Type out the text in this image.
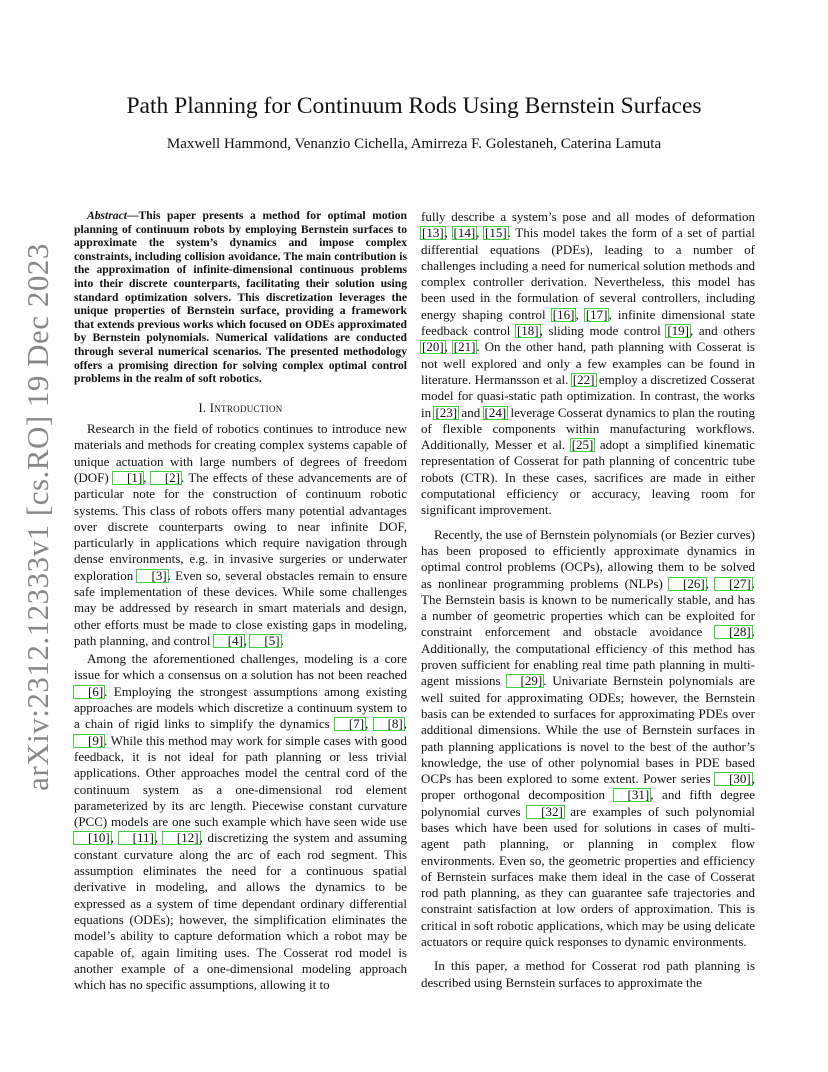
arXiv:2312.12333v1 [cs.RO] 19 Dec 2023
Path Planning for Continuum Rods Using Bernstein Surfaces
Maxwell Hammond, Venanzio Cichella, Amirreza F. Golestaneh, Caterina Lamuta

Abstract—This paper presents a method for optimal motion planning of continuum robots by employing Bernstein surfaces to approximate the system’s dynamics and impose complex constraints, including collision avoidance. The main contribution is the approximation of infinite-dimensional continuous problems into their discrete counterparts, facilitating their solution using standard optimization solvers. This discretization leverages the unique properties of Bernstein surface, providing a framework that extends previous works which focused on ODEs approximated by Bernstein polynomials. Numerical validations are conducted through several numerical scenarios. The presented methodology offers a promising direction for solving complex optimal control problems in the realm of soft robotics.

I. Introduction

Research in the field of robotics continues to introduce new materials and methods for creating complex systems capable of unique actuation with large numbers of degrees of freedom (DOF) [1], [2]. The effects of these advancements are of particular note for the construction of continuum robotic systems. This class of robots offers many potential advantages over discrete counterparts owing to near infinite DOF, particularly in applications which require navigation through dense environments, e.g. in invasive surgeries or underwater exploration [3]. Even so, several obstacles remain to ensure safe implementation of these devices. While some challenges may be addressed by research in smart materials and design, other efforts must be made to close existing gaps in modeling, path planning, and control [4], [5].

Among the aforementioned challenges, modeling is a core issue for which a consensus on a solution has not been reached [6]. Employing the strongest assumptions among existing approaches are models which discretize a continuum system to a chain of rigid links to simplify the dynamics [7], [8], [9]. While this method may work for simple cases with good feedback, it is not ideal for path planning or less trivial applications. Other approaches model the central cord of the continuum system as a one-dimensional rod element parameterized by its arc length. Piecewise constant curvature (PCC) models are one such example which have seen wide use [10], [11], [12], discretizing the system and assuming constant curvature along the arc of each rod segment. This assumption eliminates the need for a continuous spatial derivative in modeling, and allows the dynamics to be expressed as a system of time dependant ordinary differential equations (ODEs); however, the simplification eliminates the model’s ability to capture deformation which a robot may be capable of, again limiting uses. The Cosserat rod model is another example of a one-dimensional modeling approach which has no specific assumptions, allowing it to

fully describe a system’s pose and all modes of deformation [13], [14], [15]. This model takes the form of a set of partial differential equations (PDEs), leading to a number of challenges including a need for numerical solution methods and complex controller derivation. Nevertheless, this model has been used in the formulation of several controllers, including energy shaping control [16], [17], infinite dimensional state feedback control [18], sliding mode control [19], and others [20], [21]. On the other hand, path planning with Cosserat is not well explored and only a few examples can be found in literature. Hermansson et al. [22] employ a discretized Cosserat model for quasi-static path optimization. In contrast, the works in [23] and [24] leverage Cosserat dynamics to plan the routing of flexible components within manufacturing workflows. Additionally, Messer et al. [25] adopt a simplified kinematic representation of Cosserat for path planning of concentric tube robots (CTR). In these cases, sacrifices are made in either computational efficiency or accuracy, leaving room for significant improvement.

Recently, the use of Bernstein polynomials (or Bezier curves) has been proposed to efficiently approximate dynamics in optimal control problems (OCPs), allowing them to be solved as nonlinear programming problems (NLPs) [26], [27]. The Bernstein basis is known to be numerically stable, and has a number of geometric properties which can be exploited for constraint enforcement and obstacle avoidance [28]. Additionally, the computational efficiency of this method has proven sufficient for enabling real time path planning in multi-agent missions [29]. Univariate Bernstein polynomials are well suited for approximating ODEs; however, the Bernstein basis can be extended to surfaces for approximating PDEs over additional dimensions. While the use of Bernstein surfaces in path planning applications is novel to the best of the author’s knowledge, the use of other polynomial bases in PDE based OCPs has been explored to some extent. Power series [30], proper orthogonal decomposition [31], and fifth degree polynomial curves [32] are examples of such polynomial bases which have been used for solutions in cases of multi-agent path planning, or planning in complex flow environments. Even so, the geometric properties and efficiency of Bernstein surfaces make them ideal in the case of Cosserat rod path planning, as they can guarantee safe trajectories and constraint satisfaction at low orders of approximation. This is critical in soft robotic applications, which may be using delicate actuators or require quick responses to dynamic environments.

In this paper, a method for Cosserat rod path planning is described using Bernstein surfaces to approximate the
